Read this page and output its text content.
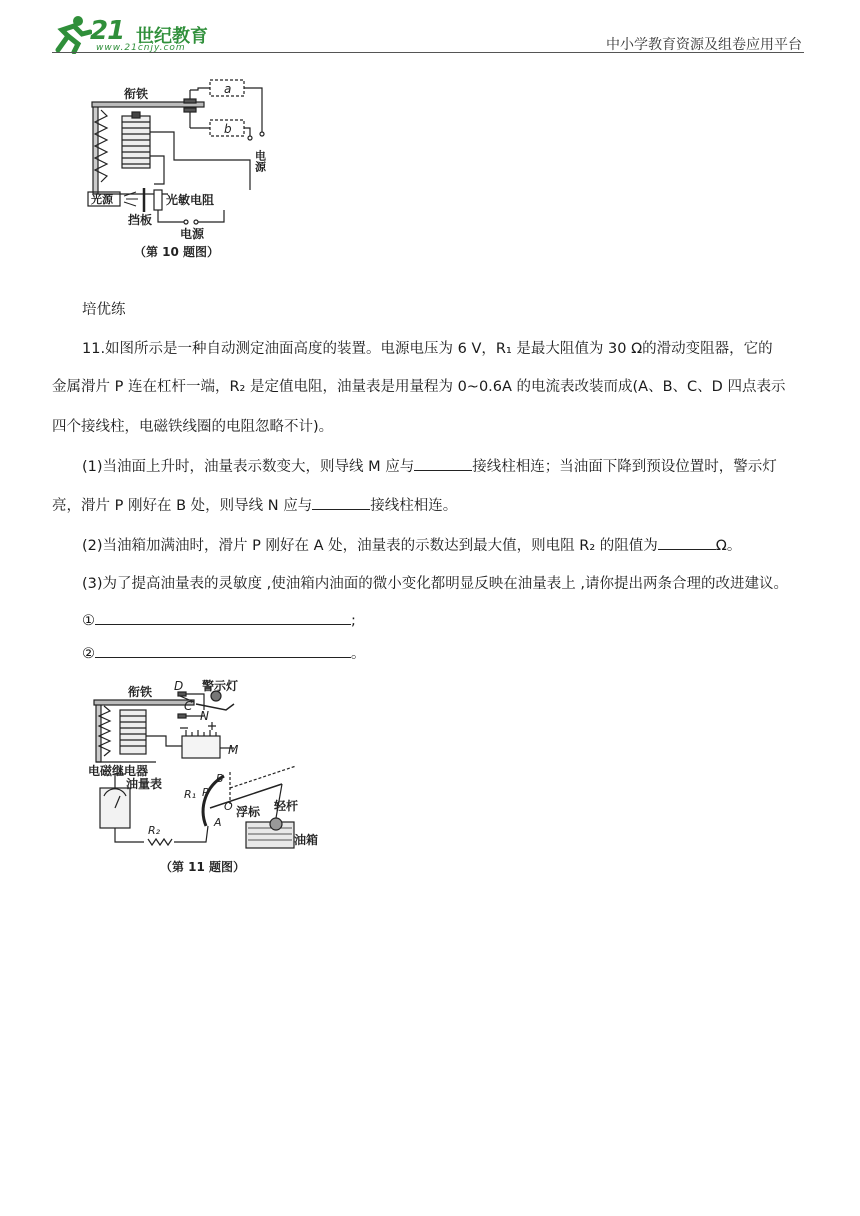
21 世纪教育
www.21cnjy.com	中小学教育资源及组卷应用平台
衔铁	a
b
电源
光源	光敏电阻
挡板
电源
（第 10 题图）
培优练
11.如图所示是一种自动测定油面高度的装置。电源电压为 6 V，R₁ 是最大阻值为 30 Ω的滑动变阻器，它的
金属滑片 P 连在杠杆一端，R₂ 是定值电阻，油量表是用量程为 0~0.6A 的电流表改装而成(A、B、C、D 四点表示
四个接线柱，电磁铁线圈的电阻忽略不计)。
(1)当油面上升时，油量表示数变大，则导线 M 应与	接线柱相连；当油面下降到预设位置时，警示灯
亮，滑片 P 刚好在 B 处，则导线 N 应与	接线柱相连。
(2)当油箱加满油时，滑片 P 刚好在 A 处，油量表的示数达到最大值，则电阻 R₂ 的阻值为	Ω。
(3)为了提高油量表的灵敏度 ,使油箱内油面的微小变化都明显反映在油量表上 ,请你提出两条合理的改进建议。
①	;
②	。
衔铁 D 警示灯
C
N
M
电磁继电器
油量表	B
R₁ P
O 浮标 轻杆
A
R₂
油箱
（第 11 题图）
